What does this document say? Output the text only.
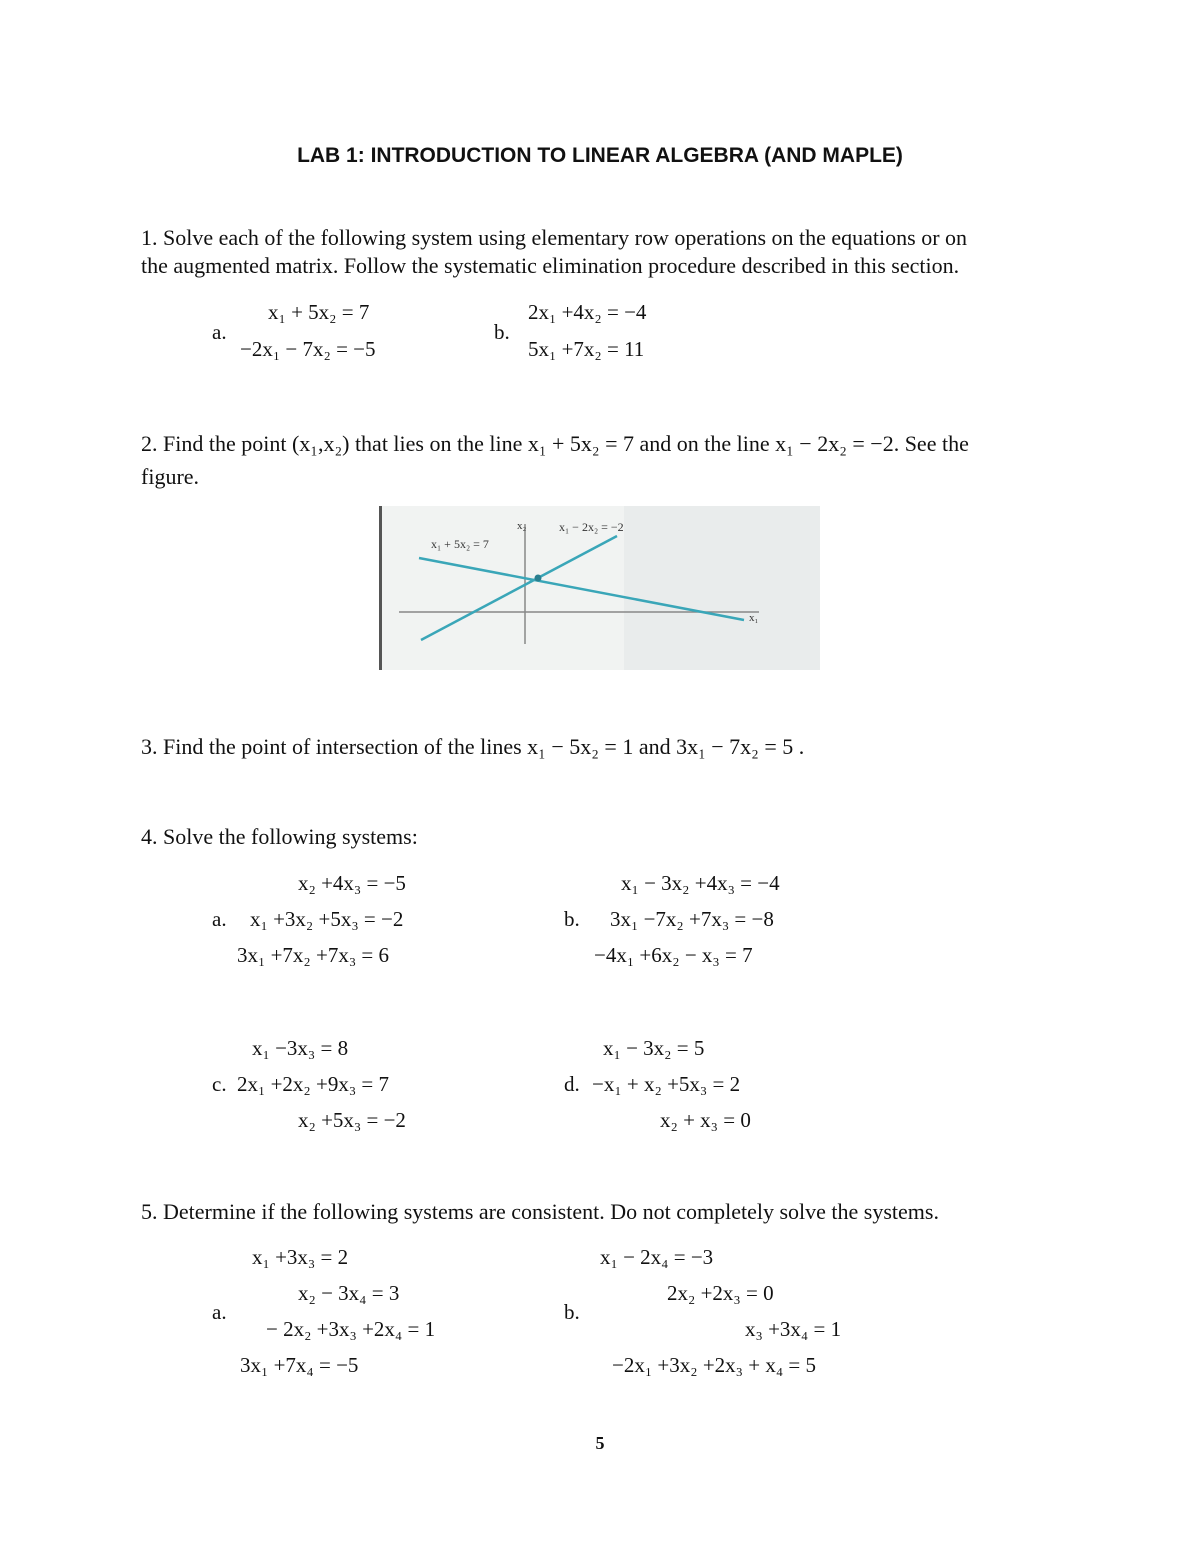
LAB 1: INTRODUCTION TO LINEAR ALGEBRA (AND MAPLE)
1. Solve each of the following system using elementary row operations on the equations or on
the augmented matrix. Follow the systematic elimination procedure described in this section.
a.
x₁ + 5x₂ = 7
−2x₁ − 7x₂ = −5
b.
2x₁ +4x₂ = −4
5x₁ +7x₂ = 11
2. Find the point (x₁,x₂) that lies on the line x₁ + 5x₂ = 7 and on the line x₁ − 2x₂ = −2. See the
figure.
x₁ + 5x₂ = 7
x₁ − 2x₂ = −2
x₂
x₁
3. Find the point of intersection of the lines x₁ − 5x₂ = 1 and 3x₁ − 7x₂ = 5 .
4. Solve the following systems:
a.
x₂ +4x₃ = −5
x₁ +3x₂ +5x₃ = −2
3x₁ +7x₂ +7x₃ = 6
b.
x₁ − 3x₂ +4x₃ = −4
3x₁ −7x₂ +7x₃ = −8
−4x₁ +6x₂ − x₃ = 7
c.
x₁ −3x₃ = 8
2x₁ +2x₂ +9x₃ = 7
x₂ +5x₃ = −2
d.
x₁ − 3x₂ = 5
−x₁ + x₂ +5x₃ = 2
x₂ + x₃ = 0
5. Determine if the following systems are consistent. Do not completely solve the systems.
a.
x₁ +3x₃ = 2
x₂ − 3x₄ = 3
− 2x₂ +3x₃ +2x₄ = 1
3x₁ +7x₄ = −5
b.
x₁ − 2x₄ = −3
2x₂ +2x₃ = 0
x₃ +3x₄ = 1
−2x₁ +3x₂ +2x₃ + x₄ = 5
5
